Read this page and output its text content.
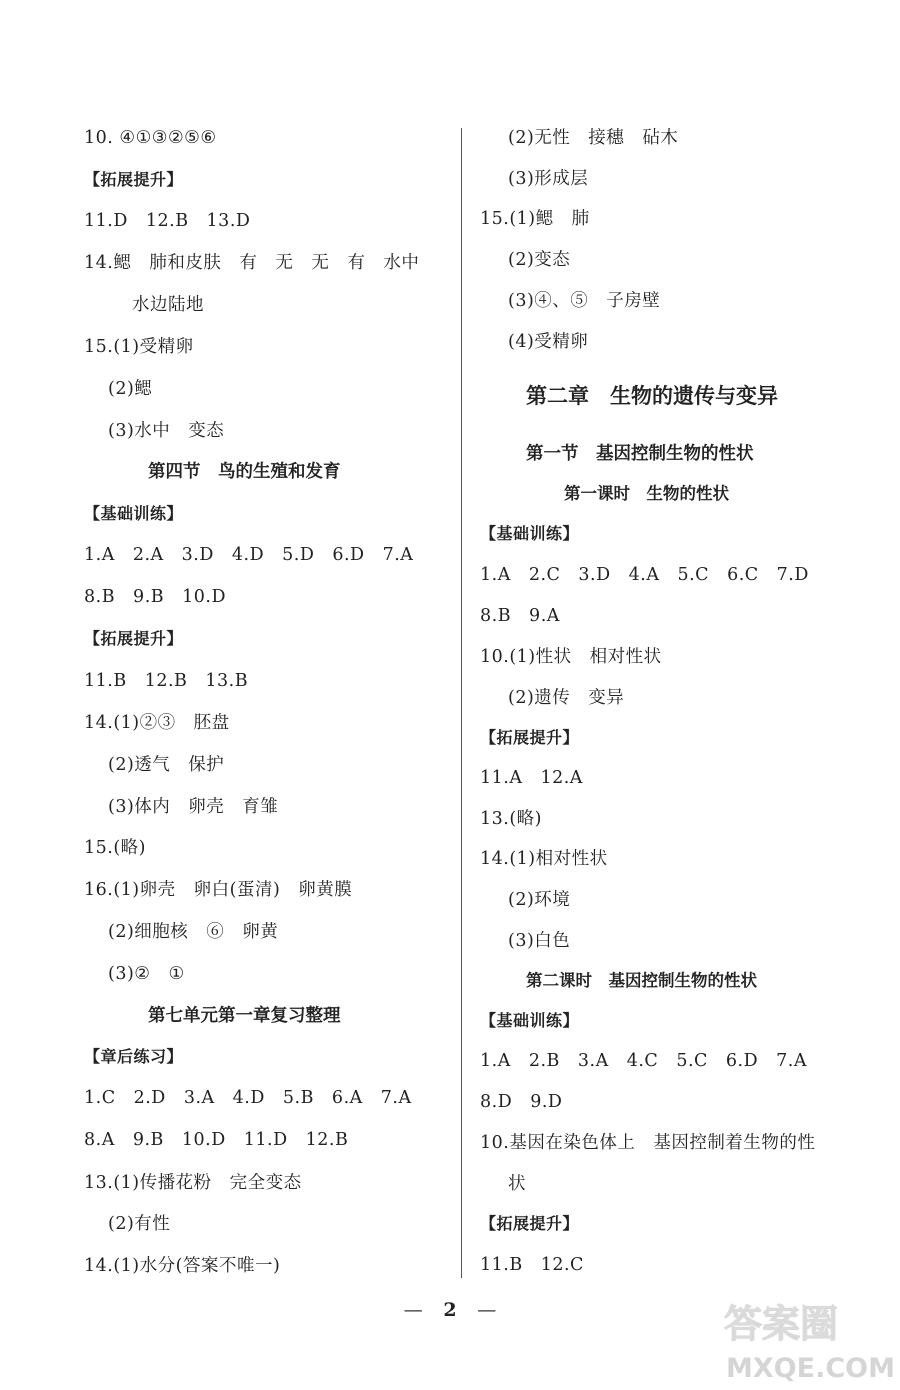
10. ④①③②⑤⑥
【拓展提升】
11.D　12.B　13.D
14.鳃　肺和皮肤　有　无　无　有　水中
水边陆地
15.(1)受精卵
(2)鳃
(3)水中　变态
第四节　鸟的生殖和发育
【基础训练】
1.A　2.A　3.D　4.D　5.D　6.D　7.A
8.B　9.B　10.D
【拓展提升】
11.B　12.B　13.B
14.(1)②③　胚盘
(2)透气　保护
(3)体内　卵壳　育雏
15.(略)
16.(1)卵壳　卵白(蛋清)　卵黄膜
(2)细胞核　⑥　卵黄
(3)②　①
第七单元第一章复习整理
【章后练习】
1.C　2.D　3.A　4.D　5.B　6.A　7.A
8.A　9.B　10.D　11.D　12.B
13.(1)传播花粉　完全变态
(2)有性
14.(1)水分(答案不唯一)
(2)无性　接穗　砧木
(3)形成层
15.(1)鳃　肺
(2)变态
(3)④、⑤　子房壁
(4)受精卵
第二章　生物的遗传与变异
第一节　基因控制生物的性状
第一课时　生物的性状
【基础训练】
1.A　2.C　3.D　4.A　5.C　6.C　7.D
8.B　9.A
10.(1)性状　相对性状
(2)遗传　变异
【拓展提升】
11.A　12.A
13.(略)
14.(1)相对性状
(2)环境
(3)白色
第二课时　基因控制生物的性状
【基础训练】
1.A　2.B　3.A　4.C　5.C　6.D　7.A
8.D　9.D
10.基因在染色体上　基因控制着生物的性
状
【拓展提升】
11.B　12.C
— 2 —	答案圈
MXQE.COM
